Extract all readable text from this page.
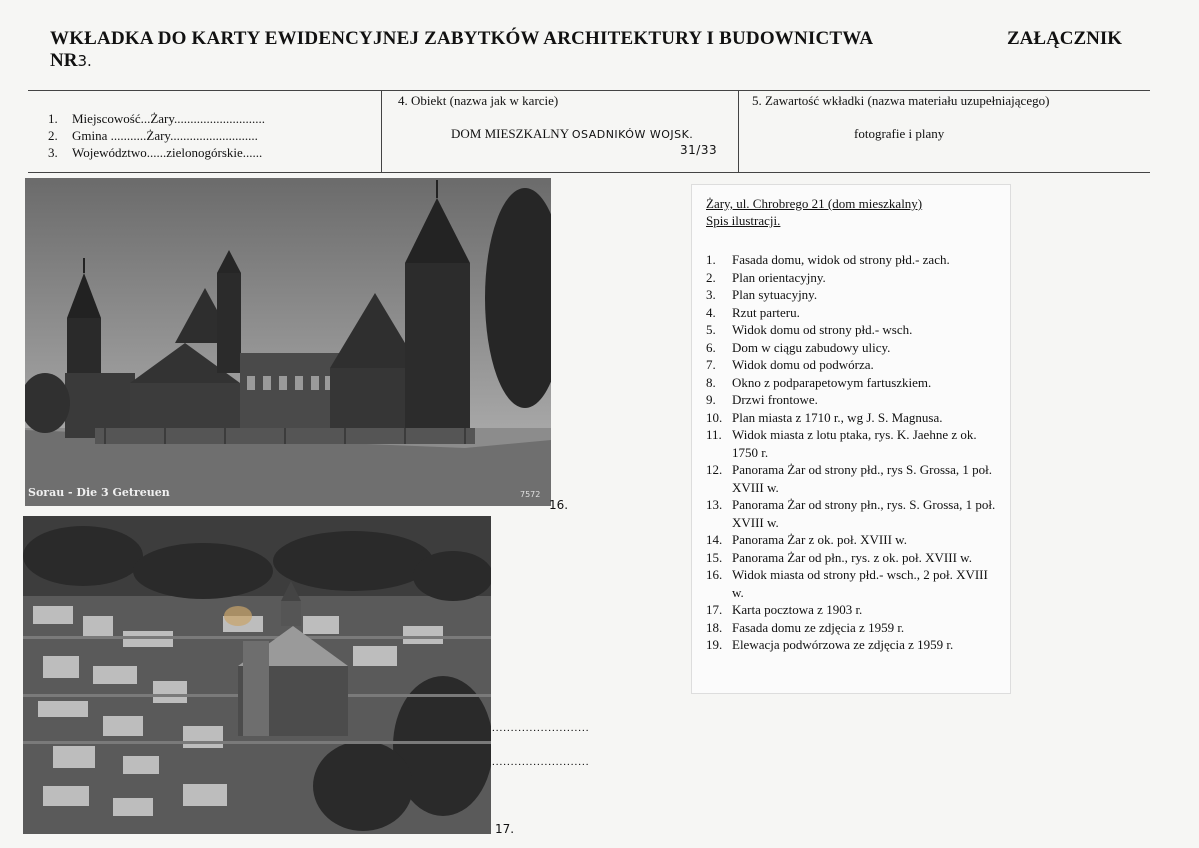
WKŁADKA DO KARTY EWIDENCYJNEJ ZABYTKÓW ARCHITEKTURY I BUDOWNICTWA	ZAŁĄCZNIK
NR3.
1.	Miejscowość...Żary............................
2.	Gmina ...........Żary...........................
3.	Województwo......zielonogórskie......
4. Obiekt (nazwa jak w karcie)
DOM MIESZKALNY OSADNIKÓW WOJSK.
31/33
5. Zawartość wkładki (nazwa materiału uzupełniającego)
fotografie i plany
Sorau - Die 3 Getreuen	7572
16.
17.
..........................
..........................
Żary, ul. Chrobrego 21 (dom mieszkalny)
Spis ilustracji.
1.	Fasada domu, widok od strony płd.- zach.
2.	Plan orientacyjny.
3.	Plan sytuacyjny.
4.	Rzut parteru.
5.	Widok domu od strony płd.- wsch.
6.	Dom w ciągu zabudowy ulicy.
7.	Widok domu od podwórza.
8.	Okno z podparapetowym fartuszkiem.
9.	Drzwi frontowe.
10. Plan miasta z 1710 r., wg J. S. Magnusa.
11. Widok miasta z lotu ptaka, rys. K. Jaehne z ok. 1750 r.
12. Panorama Żar od strony płd., rys S. Grossa, 1 poł. XVIII w.
13. Panorama Żar od strony płn., rys. S. Grossa, 1 poł. XVIII w.
14. Panorama Żar z ok. poł. XVIII w.
15. Panorama Żar od płn., rys. z ok. poł. XVIII w.
16. Widok miasta od strony płd.- wsch., 2 poł. XVIII w.
17. Karta pocztowa z 1903 r.
18. Fasada domu ze zdjęcia z 1959 r.
19. Elewacja podwórzowa ze zdjęcia z 1959 r.
